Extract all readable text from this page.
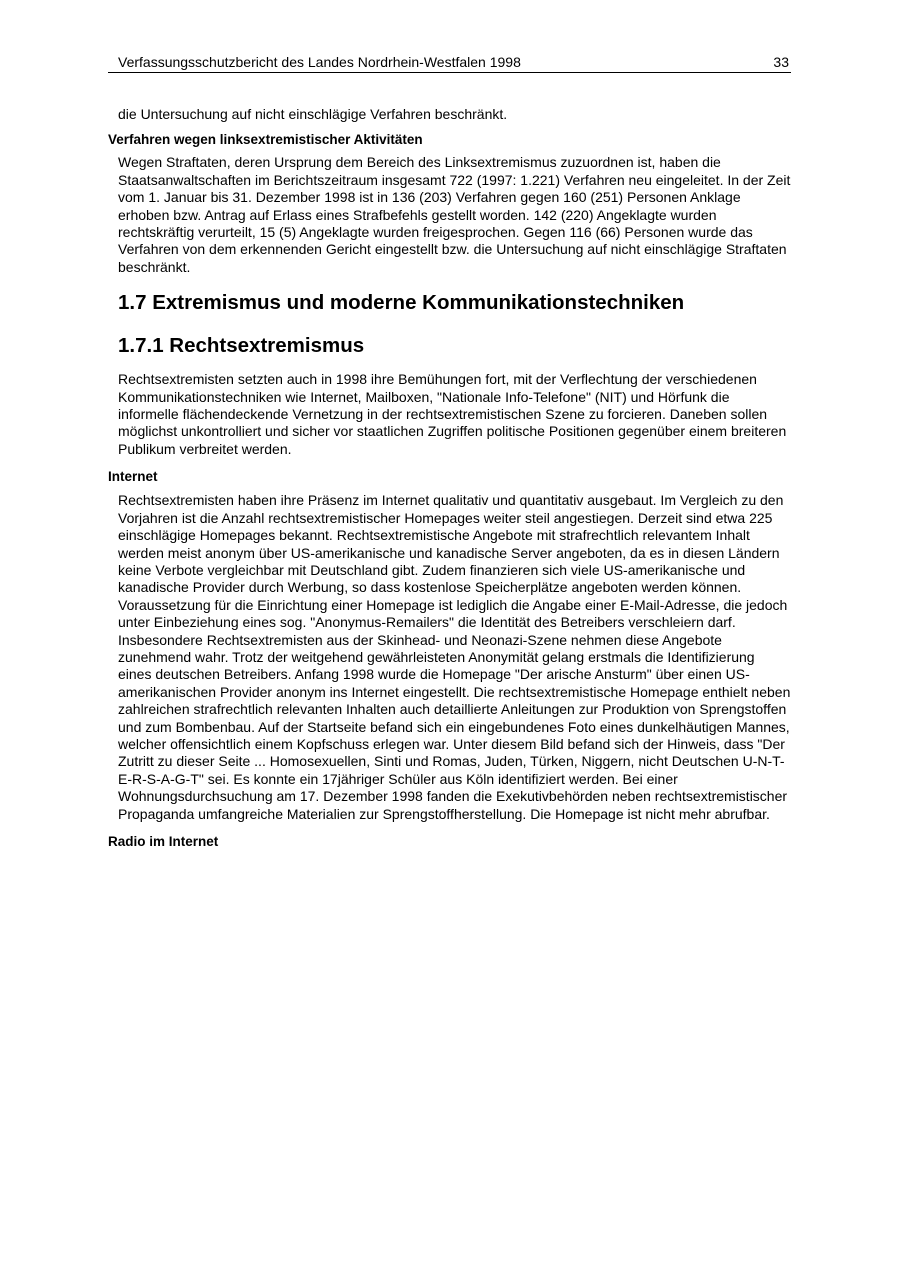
Verfassungsschutzbericht des Landes Nordrhein-Westfalen 1998	33

die Untersuchung auf nicht einschlägige Verfahren beschränkt.

Verfahren wegen linksextremistischer Aktivitäten

Wegen Straftaten, deren Ursprung dem Bereich des Linksextremismus zuzuordnen ist, haben die Staatsanwaltschaften im Berichtszeitraum insgesamt 722 (1997: 1.221) Verfahren neu eingeleitet. In der Zeit vom 1. Januar bis 31. Dezember 1998 ist in 136 (203) Verfahren gegen 160 (251) Personen Anklage erhoben bzw. Antrag auf Erlass eines Strafbefehls gestellt worden. 142 (220) Angeklagte wurden rechtskräftig verurteilt, 15 (5) Angeklagte wurden freigesprochen. Gegen 116 (66) Personen wurde das Verfahren von dem erkennenden Gericht eingestellt bzw. die Untersuchung auf nicht einschlägige Straftaten beschränkt.

1.7 Extremismus und moderne Kommunikationstechniken
1.7.1 Rechtsextremismus

Rechtsextremisten setzten auch in 1998 ihre Bemühungen fort, mit der Verflechtung der verschiedenen Kommunikationstechniken wie Internet, Mailboxen, "Nationale Info-Telefone" (NIT) und Hörfunk die informelle flächendeckende Vernetzung in der rechtsextremistischen Szene zu forcieren. Daneben sollen möglichst unkontrolliert und sicher vor staatlichen Zugriffen politische Positionen gegenüber einem breiteren Publikum verbreitet werden.

Internet

Rechtsextremisten haben ihre Präsenz im Internet qualitativ und quantitativ ausgebaut. Im Vergleich zu den Vorjahren ist die Anzahl rechtsextremistischer Homepages weiter steil angestiegen. Derzeit sind etwa 225 einschlägige Homepages bekannt. Rechtsextremistische Angebote mit strafrechtlich relevantem Inhalt werden meist anonym über US-amerikanische und kanadische Server angeboten, da es in diesen Ländern keine Verbote vergleichbar mit Deutschland gibt. Zudem finanzieren sich viele US-amerikanische und kanadische Provider durch Werbung, so dass kostenlose Speicherplätze angeboten werden können. Voraussetzung für die Einrichtung einer Homepage ist lediglich die Angabe einer E-Mail-Adresse, die jedoch unter Einbeziehung eines sog. "Anonymus-Remailers" die Identität des Betreibers verschleiern darf. Insbesondere Rechtsextremisten aus der Skinhead- und Neonazi-Szene nehmen diese Angebote zunehmend wahr. Trotz der weitgehend gewährleisteten Anonymität gelang erstmals die Identifizierung eines deutschen Betreibers. Anfang 1998 wurde die Homepage "Der arische Ansturm" über einen US-amerikanischen Provider anonym ins Internet eingestellt. Die rechtsextremistische Homepage enthielt neben zahlreichen strafrechtlich relevanten Inhalten auch detaillierte Anleitungen zur Produktion von Sprengstoffen und zum Bombenbau. Auf der Startseite befand sich ein eingebundenes Foto eines dunkelhäutigen Mannes, welcher offensichtlich einem Kopfschuss erlegen war. Unter diesem Bild befand sich der Hinweis, dass "Der Zutritt zu dieser Seite ... Homosexuellen, Sinti und Romas, Juden, Türken, Niggern, nicht Deutschen U-N-T-E-R-S-A-G-T" sei. Es konnte ein 17jähriger Schüler aus Köln identifiziert werden. Bei einer Wohnungsdurchsuchung am 17. Dezember 1998 fanden die Exekutivbehörden neben rechtsextremistischer Propaganda umfangreiche Materialien zur Sprengstoffherstellung. Die Homepage ist nicht mehr abrufbar.

Radio im Internet
